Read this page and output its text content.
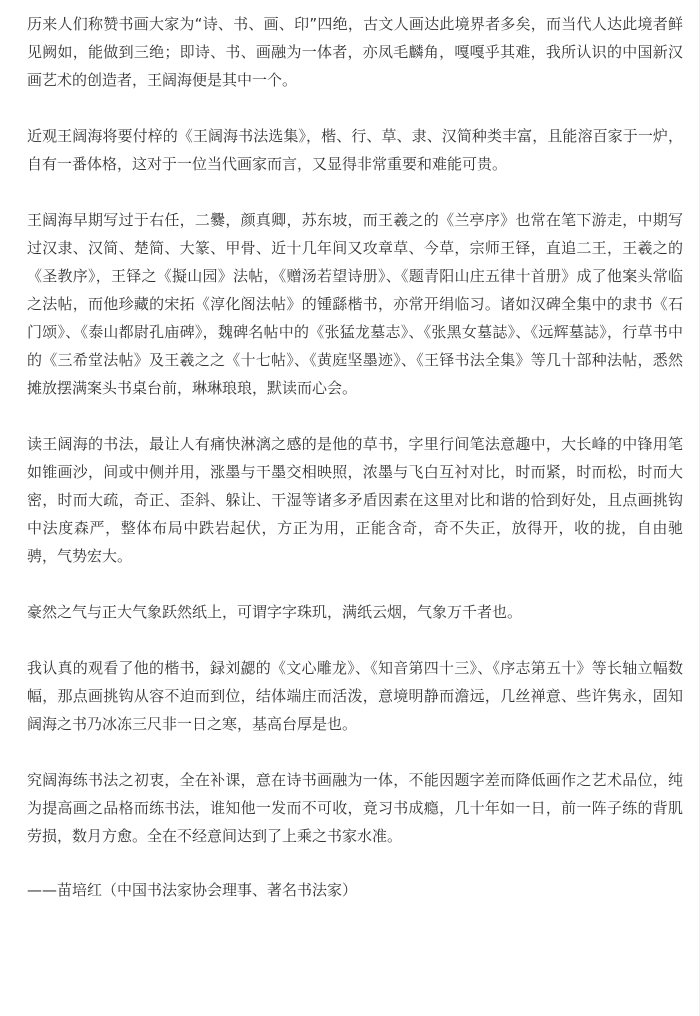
历来人们称赞书画大家为“诗、书、画、印”四绝，古文人画达此境界者多矣，而当代人达此境者鲜见阙如，能做到三绝；即诗、书、画融为一体者，亦凤毛麟角，嘎嘎乎其难，我所认识的中国新汉画艺术的创造者，王阔海便是其中一个。

近观王阔海将要付梓的《王阔海书法选集》，楷、行、草、隶、汉简种类丰富，且能溶百家于一炉，自有一番体格，这对于一位当代画家而言，又显得非常重要和难能可贵。

王阔海早期写过于右任，二爨，颜真卿，苏东坡，而王羲之的《兰亭序》也常在笔下游走，中期写过汉隶、汉简、楚简、大篆、甲骨、近十几年间又攻章草、今草，宗师王铎，直追二王，王羲之的《圣教序》，王铎之《擬山园》法帖，《赠汤若望诗册》、《题青阳山庄五律十首册》成了他案头常临之法帖，而他珍藏的宋拓《淳化阁法帖》的锺繇楷书，亦常开绢临习。诸如汉碑全集中的隶书《石门颂》、《泰山都尉孔庙碑》，魏碑名帖中的《张猛龙墓志》、《张黑女墓誌》、《远辉墓誌》，行草书中的《三希堂法帖》及王羲之之《十七帖》、《黄庭坚墨迹》、《王铎书法全集》等几十部种法帖，悉然摊放摆满案头书桌台前，琳琳琅琅，默读而心会。

读王阔海的书法，最让人有痛快淋漓之感的是他的草书，字里行间笔法意趣中，大长峰的中锋用笔如锥画沙，间或中侧并用，涨墨与干墨交相映照，浓墨与飞白互衬对比，时而紧，时而松，时而大密，时而大疏，奇正、歪斜、躲让、干湿等诸多矛盾因素在这里对比和谐的恰到好处，且点画挑钩中法度森严，整体布局中跌岩起伏，方正为用，正能含奇，奇不失正，放得开，收的拢，自由驰骋，气势宏大。

豪然之气与正大气象跃然纸上，可谓字字珠玑，满纸云烟，气象万千者也。

我认真的观看了他的楷书，録刘勰的《文心雕龙》、《知音第四十三》、《序志第五十》等长轴立幅数幅，那点画挑钩从容不迫而到位，结体端庄而活泼，意境明静而澹远，几丝禅意、些许隽永，固知阔海之书乃冰冻三尺非一日之寒，基高台厚是也。

究阔海练书法之初衷，全在补课，意在诗书画融为一体，不能因题字差而降低画作之艺术品位，纯为提高画之品格而练书法，谁知他一发而不可收，竟习书成瘾，几十年如一日，前一阵子练的背肌劳损，数月方愈。全在不经意间达到了上乘之书家水准。

——苗培红（中国书法家协会理事、著名书法家）
